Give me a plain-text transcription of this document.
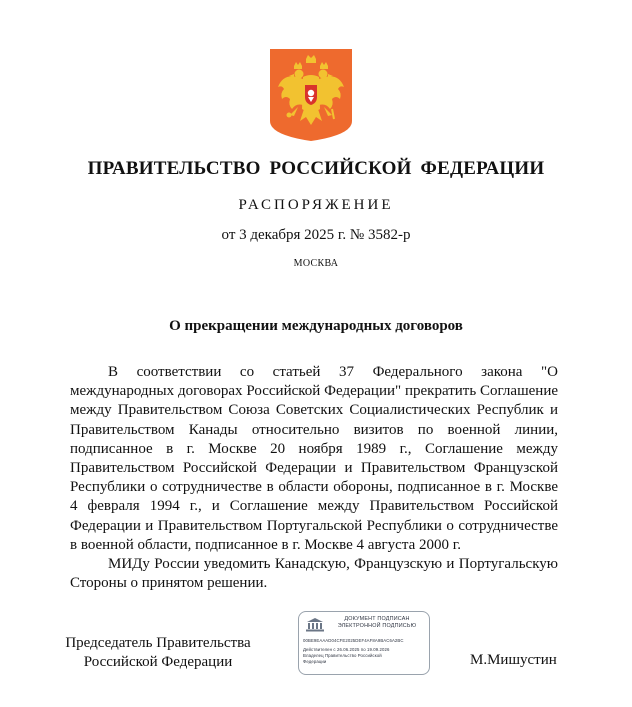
ПРАВИТЕЛЬСТВО РОССИЙСКОЙ ФЕДЕРАЦИИ
РАСПОРЯЖЕНИЕ
от 3 декабря 2025 г. № 3582-р
МОСКВА
О прекращении международных договоров

В соответствии со статьей 37 Федерального закона "О международных договорах Российской Федерации" прекратить Соглашение между Правительством Союза Советских Социалистических Республик и Правительством Канады относительно визитов по военной линии, подписанное в г. Москве 20 ноября 1989 г., Соглашение между Правительством Российской Федерации и Правительством Французской Республики о сотрудничестве в области обороны, подписанное в г. Москве 4 февраля 1994 г., и Соглашение между Правительством Российской Федерации и Правительством Португальской Республики о сотрудничестве в военной области, подписанное в г. Москве 4 августа 2000 г.

МИДу России уведомить Канадскую, Французскую и Португальскую Стороны о принятом решении.

Председатель Правительства
Российской Федерации
ДОКУМЕНТ ПОДПИСАН
ЭЛЕКТРОННОЙ ПОДПИСЬЮ
00BE9EAAAD04CFE2025DEF4AF8A9BAC6A2BC
Действителен с 26.06.2025 по 19.09.2026
Владелец Правительство Российской
Федерации	М.Мишустин
